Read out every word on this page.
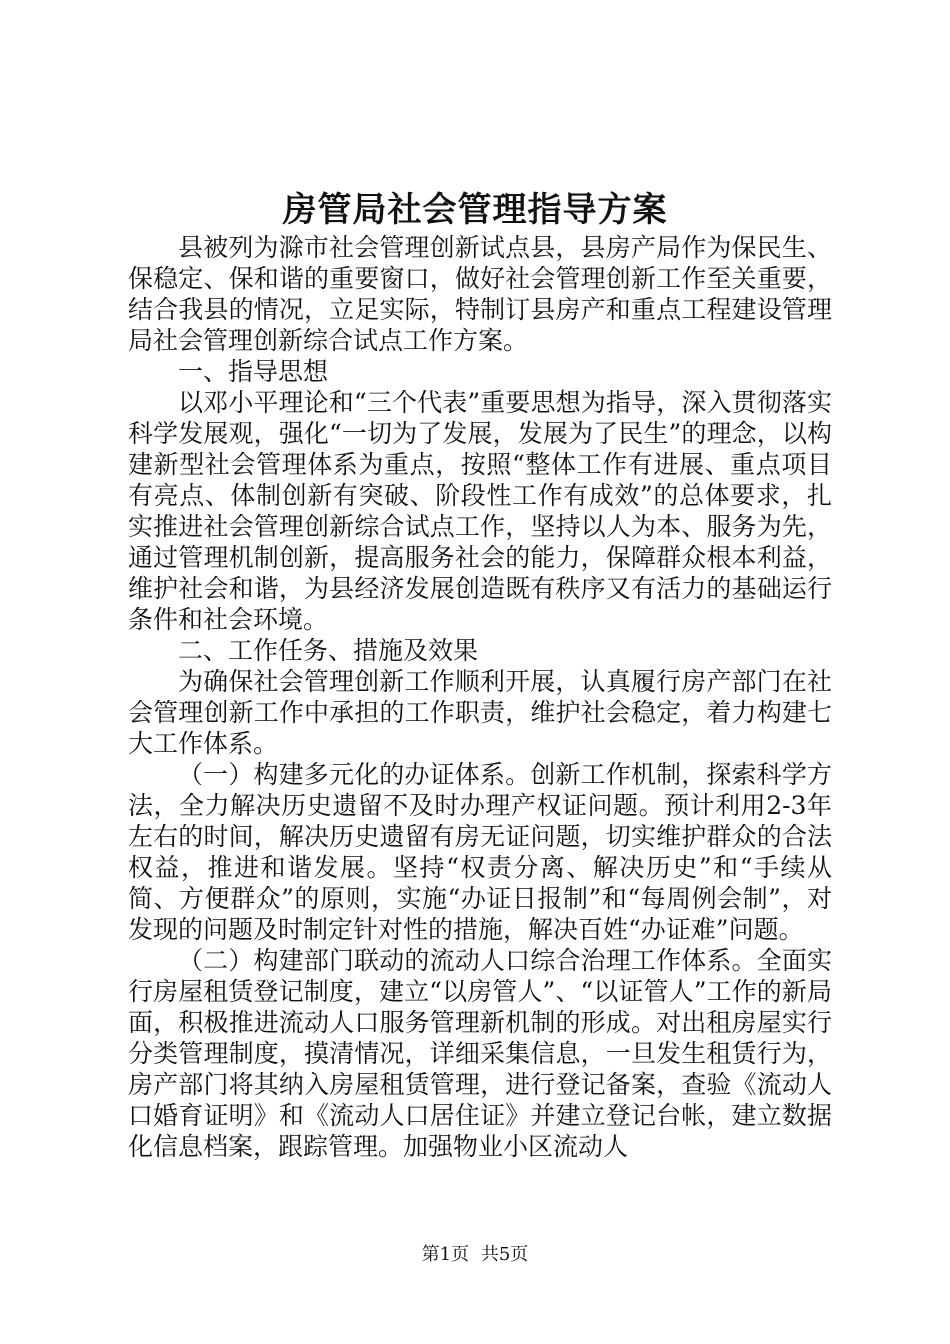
房管局社会管理指导方案

县被列为滁市社会管理创新试点县，县房产局作为保民生、保稳定、保和谐的重要窗口，做好社会管理创新工作至关重要，结合我县的情况，立足实际，特制订县房产和重点工程建设管理局社会管理创新综合试点工作方案。

一、指导思想

以邓小平理论和“三个代表”重要思想为指导，深入贯彻落实科学发展观，强化“一切为了发展，发展为了民生”的理念，以构建新型社会管理体系为重点，按照“整体工作有进展、重点项目有亮点、体制创新有突破、阶段性工作有成效”的总体要求，扎实推进社会管理创新综合试点工作，坚持以人为本、服务为先，通过管理机制创新，提高服务社会的能力，保障群众根本利益，维护社会和谐，为县经济发展创造既有秩序又有活力的基础运行条件和社会环境。

二、工作任务、措施及效果

为确保社会管理创新工作顺利开展，认真履行房产部门在社会管理创新工作中承担的工作职责，维护社会稳定，着力构建七大工作体系。

（一）构建多元化的办证体系。创新工作机制，探索科学方法，全力解决历史遗留不及时办理产权证问题。预计利用2-3年左右的时间，解决历史遗留有房无证问题，切实维护群众的合法权益，推进和谐发展。坚持“权责分离、解决历史”和“手续从简、方便群众”的原则，实施“办证日报制”和“每周例会制”，对发现的问题及时制定针对性的措施，解决百姓“办证难”问题。

（二）构建部门联动的流动人口综合治理工作体系。全面实行房屋租赁登记制度，建立“以房管人”、“以证管人”工作的新局面，积极推进流动人口服务管理新机制的形成。对出租房屋实行分类管理制度，摸清情况，详细采集信息，一旦发生租赁行为，房产部门将其纳入房屋租赁管理，进行登记备案，查验《流动人口婚育证明》和《流动人口居住证》并建立登记台帐，建立数据化信息档案，跟踪管理。加强物业小区流动人

第1页 共5页
